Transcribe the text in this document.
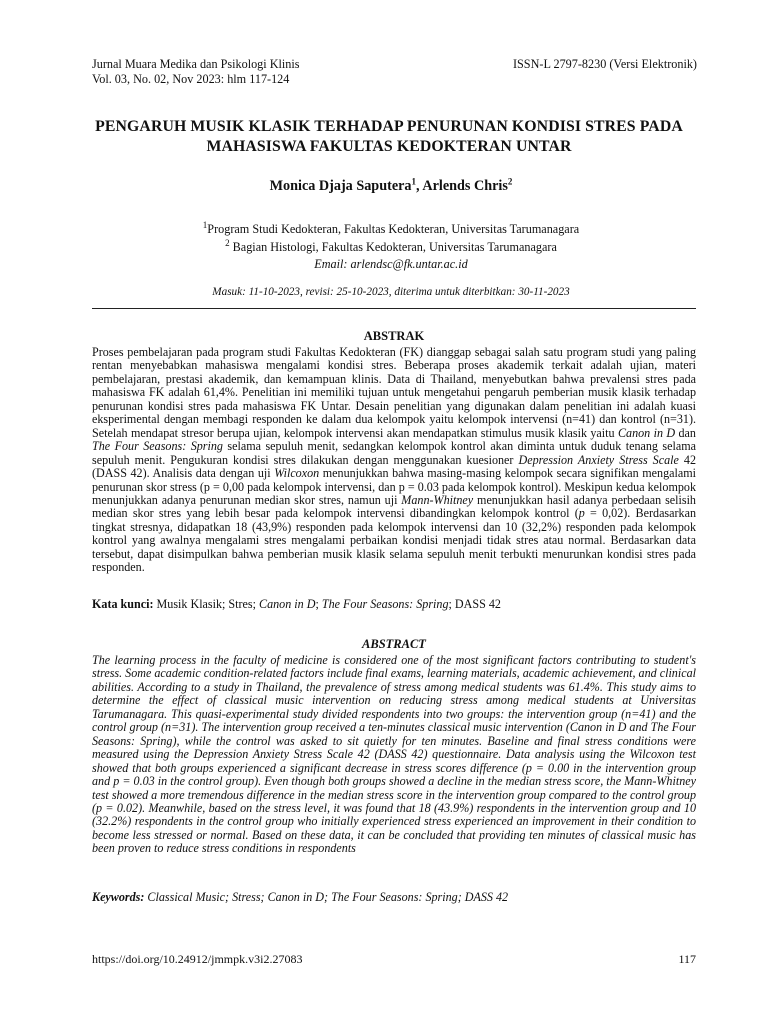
Jurnal Muara Medika dan Psikologi Klinis
Vol. 03, No. 02, Nov 2023: hlm 117-124
ISSN-L 2797-8230 (Versi Elektronik)
PENGARUH MUSIK KLASIK TERHADAP PENURUNAN KONDISI STRES PADA MAHASISWA FAKULTAS KEDOKTERAN UNTAR
Monica Djaja Saputera$^1$, Arlends Chris$^2$
$^1$Program Studi Kedokteran, Fakultas Kedokteran, Universitas Tarumanagara
$^2$ Bagian Histologi, Fakultas Kedokteran, Universitas Tarumanagara
Email: arlendsc@fk.untar.ac.id
Masuk: 11-10-2023, revisi: 25-10-2023, diterima untuk diterbitkan: 30-11-2023
ABSTRAK
Proses pembelajaran pada program studi Fakultas Kedokteran (FK) dianggap sebagai salah satu program studi yang paling rentan menyebabkan mahasiswa mengalami kondisi stres. Beberapa proses akademik terkait adalah ujian, materi pembelajaran, prestasi akademik, dan kemampuan klinis. Data di Thailand, menyebutkan bahwa prevalensi stres pada mahasiswa FK adalah 61,4%. Penelitian ini memiliki tujuan untuk mengetahui pengaruh pemberian musik klasik terhadap penurunan kondisi stres pada mahasiswa FK Untar. Desain penelitian yang digunakan dalam penelitian ini adalah kuasi eksperimental dengan membagi responden ke dalam dua kelompok yaitu kelompok intervensi (n=41) dan kontrol (n=31). Setelah mendapat stresor berupa ujian, kelompok intervensi akan mendapatkan stimulus musik klasik yaitu Canon in D dan The Four Seasons: Spring selama sepuluh menit, sedangkan kelompok kontrol akan diminta untuk duduk tenang selama sepuluh menit. Pengukuran kondisi stres dilakukan dengan menggunakan kuesioner Depression Anxiety Stress Scale 42 (DASS 42). Analisis data dengan uji Wilcoxon menunjukkan bahwa masing-masing kelompok secara signifikan mengalami penurunan skor stress (p = 0,00 pada kelompok intervensi, dan p = 0.03 pada kelompok kontrol). Meskipun kedua kelompok menunjukkan adanya penurunan median skor stres, namun uji Mann-Whitney menunjukkan hasil adanya perbedaan selisih median skor stres yang lebih besar pada kelompok intervensi dibandingkan kelompok kontrol (p = 0,02). Berdasarkan tingkat stresnya, didapatkan 18 (43,9%) responden pada kelompok intervensi dan 10 (32,2%) responden pada kelompok kontrol yang awalnya mengalami stres mengalami perbaikan kondisi menjadi tidak stres atau normal. Berdasarkan data tersebut, dapat disimpulkan bahwa pemberian musik klasik selama sepuluh menit terbukti menurunkan kondisi stres pada responden.
Kata kunci: Musik Klasik; Stres; Canon in D; The Four Seasons: Spring; DASS 42
ABSTRACT
The learning process in the faculty of medicine is considered one of the most significant factors contributing to student's stress. Some academic condition-related factors include final exams, learning materials, academic achievement, and clinical abilities. According to a study in Thailand, the prevalence of stress among medical students was 61.4%. This study aims to determine the effect of classical music intervention on reducing stress among medical students at Universitas Tarumanagara. This quasi-experimental study divided respondents into two groups: the intervention group (n=41) and the control group (n=31). The intervention group received a ten-minutes classical music intervention (Canon in D and The Four Seasons: Spring), while the control was asked to sit quietly for ten minutes. Baseline and final stress conditions were measured using the Depression Anxiety Stress Scale 42 (DASS 42) questionnaire. Data analysis using the Wilcoxon test showed that both groups experienced a significant decrease in stress scores difference (p = 0.00 in the intervention group and p = 0.03 in the control group). Even though both groups showed a decline in the median stress score, the Mann-Whitney test showed a more tremendous difference in the median stress score in the intervention group compared to the control group (p = 0.02). Meanwhile, based on the stress level, it was found that 18 (43.9%) respondents in the intervention group and 10 (32.2%) respondents in the control group who initially experienced stress experienced an improvement in their condition to become less stressed or normal. Based on these data, it can be concluded that providing ten minutes of classical music has been proven to reduce stress conditions in respondents
Keywords: Classical Music; Stress; Canon in D; The Four Seasons: Spring; DASS 42
https://doi.org/10.24912/jmmpk.v3i2.27083	117
